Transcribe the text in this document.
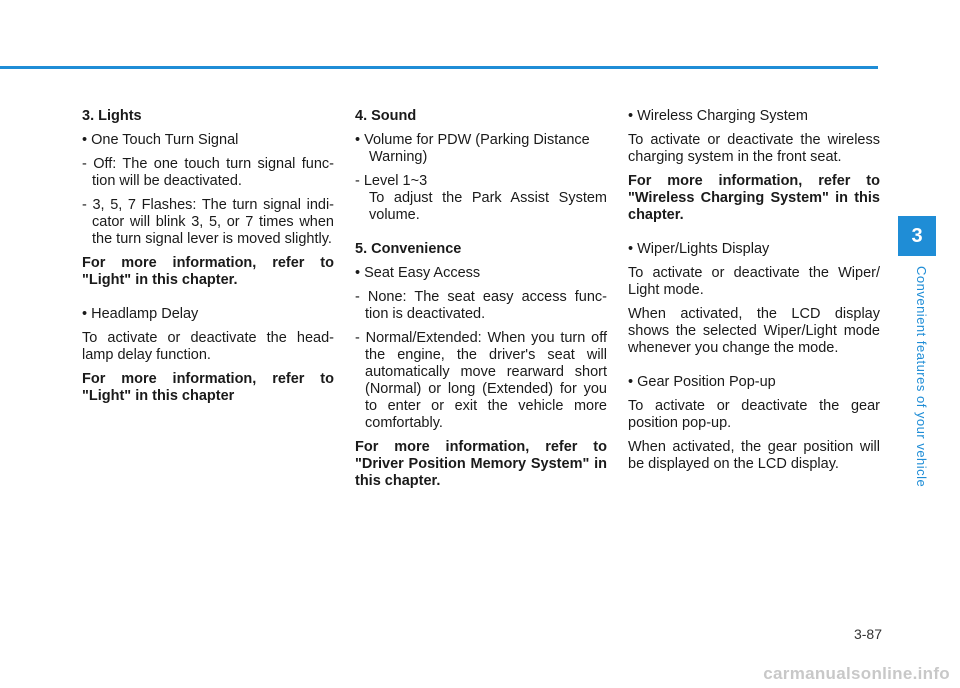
3. Lights

• One Touch Turn Signal

- Off: The one touch turn signal func- tion will be deactivated.

- 3, 5, 7 Flashes: The turn signal indi- cator will blink 3, 5, or 7 times when the turn signal lever is moved slightly.

For more information, refer to "Light" in this chapter.

• Headlamp Delay

To activate or deactivate the head- lamp delay function.

For more information, refer to "Light" in this chapter

4. Sound

• Volume for PDW (Parking Distance Warning)

- Level 1~3

To adjust the Park Assist System volume.

5. Convenience

• Seat Easy Access

- None: The seat easy access func- tion is deactivated.

- Normal/Extended: When you turn off the engine, the driver's seat will automatically move rearward short (Normal) or long (Extended) for you to enter or exit the vehicle more comfortably.

For more information, refer to "Driver Position Memory System" in this chapter.

• Wireless Charging System

To activate or deactivate the wireless charging system in the front seat.

For more information, refer to "Wireless Charging System" in this chapter.

• Wiper/Lights Display

To activate or deactivate the Wiper/ Light mode.

When activated, the LCD display shows the selected Wiper/Light mode whenever you change the mode.

• Gear Position Pop-up

To activate or deactivate the gear position pop-up.

When activated, the gear position will be displayed on the LCD display.

3
Convenient features of your vehicle
3-87
carmanualsonline.info
